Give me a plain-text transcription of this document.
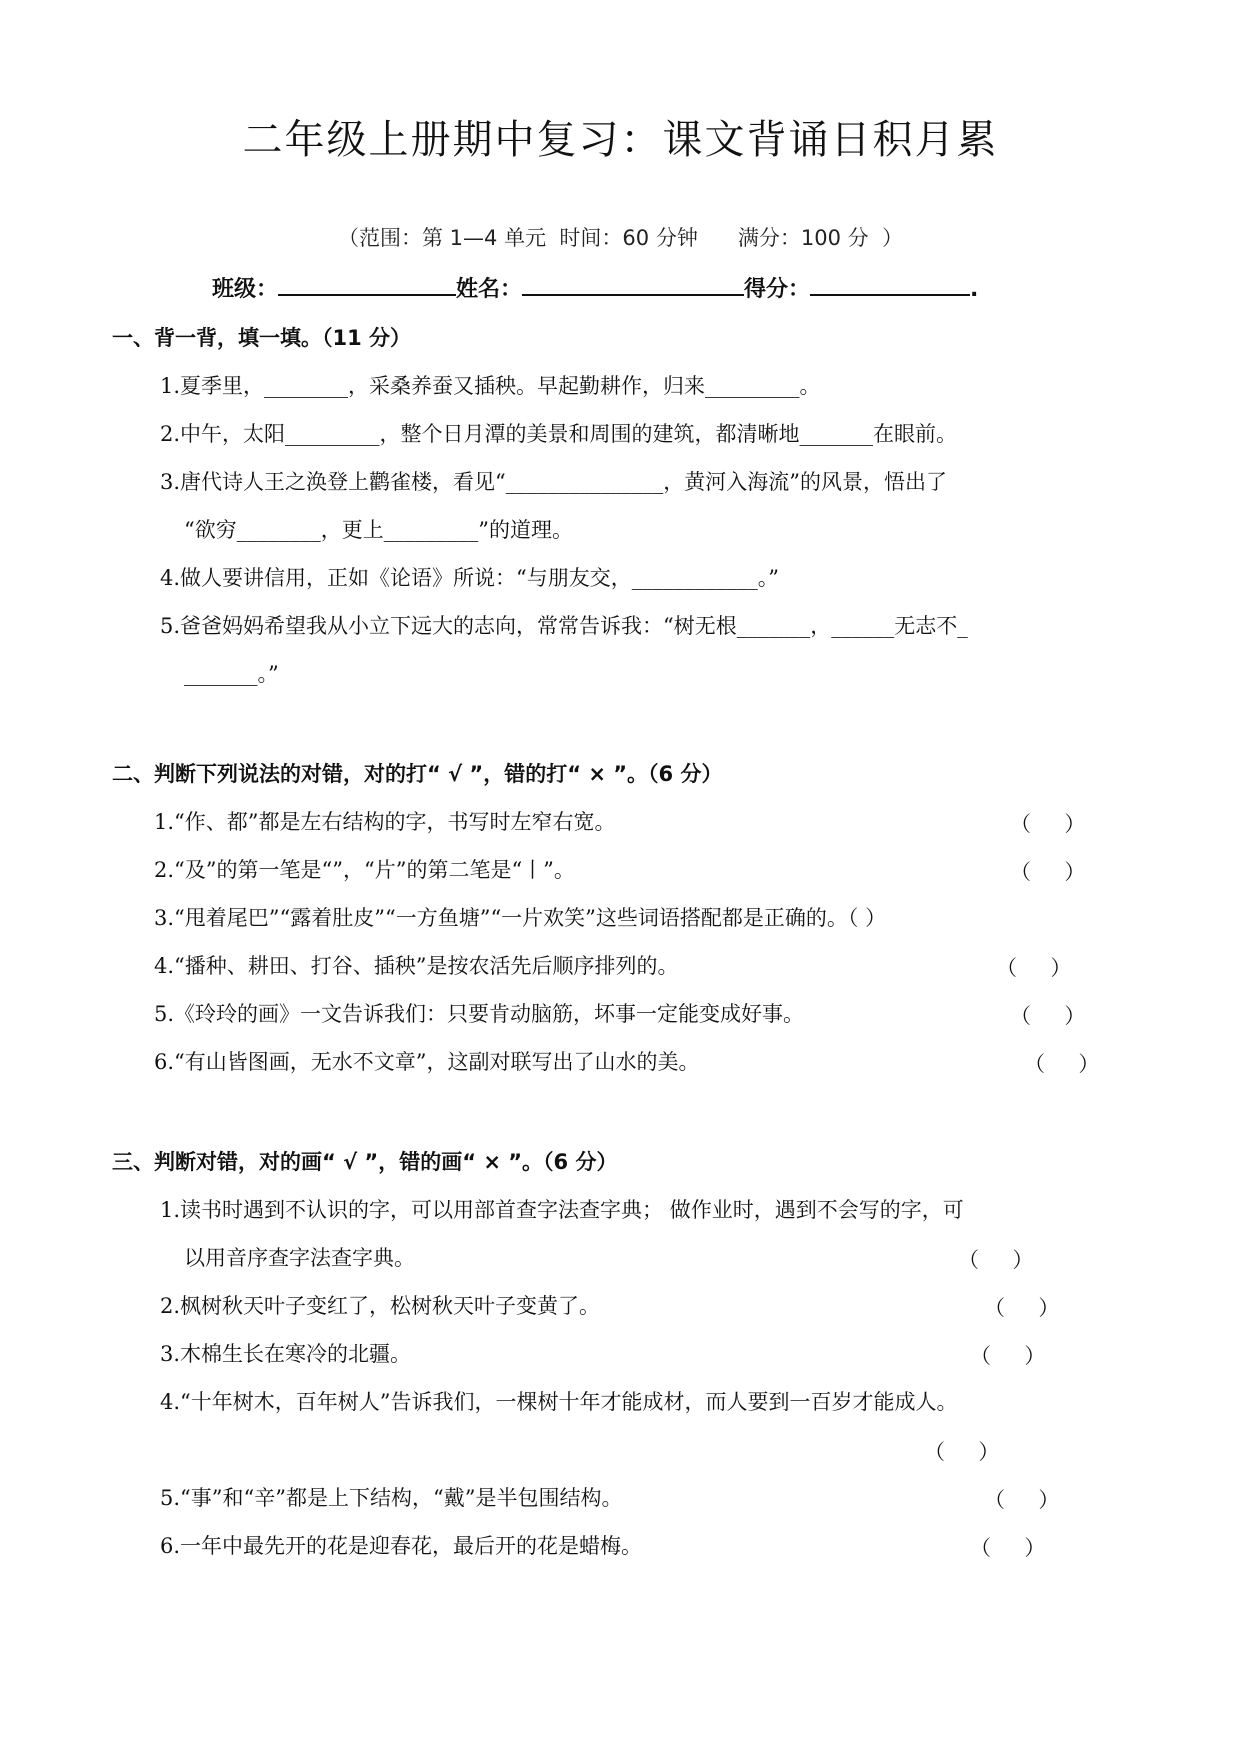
二年级上册期中复习：课文背诵日积月累
（范围：第 1—4 单元  时间：60 分钟      满分：100 分  ）
班级：	姓名：	得分：	.
一、背一背，填一填。（11 分）
1.夏季里，________，采桑养蚕又插秧。早起勤耕作，归来_________。
2.中午，太阳_________，整个日月潭的美景和周围的建筑，都清晰地_______在眼前。
3.唐代诗人王之涣登上鹳雀楼，看见“_______________，黄河入海流”的风景，悟出了
“欲穷________，更上_________”的道理。
4.做人要讲信用，正如《论语》所说：“与朋友交，____________。”
5.爸爸妈妈希望我从小立下远大的志向，常常告诉我：“树无根_______，______无志不_
_______。”
二、判断下列说法的对错，对的打“ √ ”，错的打“ × ”。（6 分）
1.“作、都”都是左右结构的字，书写时左窄右宽。	（     ）
2.“及”的第一笔是“”，“片”的第二笔是“丨”。	（     ）
3.“甩着尾巴”“露着肚皮”“一方鱼塘”“一片欢笑”这些词语搭配都是正确的。（ ）
4.“播种、耕田、打谷、插秧”是按农活先后顺序排列的。	（     ）
5.《玲玲的画》一文告诉我们：只要肯动脑筋，坏事一定能变成好事。	（     ）
6.“有山皆图画，无水不文章”，这副对联写出了山水的美。	（     ）
三、判断对错，对的画“ √ ”，错的画“ × ”。（6 分）
1.读书时遇到不认识的字，可以用部首查字法查字典； 做作业时，遇到不会写的字，可
以用音序查字法查字典。	（     ）
2.枫树秋天叶子变红了，松树秋天叶子变黄了。	（     ）
3.木棉生长在寒冷的北疆。	（     ）
4.“十年树木，百年树人”告诉我们，一棵树十年才能成材，而人要到一百岁才能成人。
（     ）
5.“事”和“辛”都是上下结构，“戴”是半包围结构。	（     ）
6.一年中最先开的花是迎春花，最后开的花是蜡梅。	（     ）
